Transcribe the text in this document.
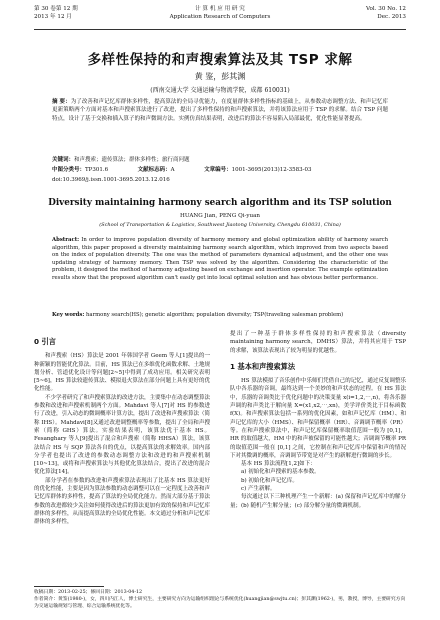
第 30 卷第 12 期
2013 年 12 月
计 算 机 应 用 研 究
Application Research of Computers
Vol. 30 No. 12
Dec. 2013
多样性保持的和声搜索算法及其 TSP 求解
黄 鉴，彭其渊
(西南交通大学 交通运输与物流学院，成都 610031)
摘 要：为了改善和声记忆库群体多样性，提高算法的全局寻优能力，在度量群体多样性指标的基础上，从参数动态调整方法、和声记忆库更新策略两个方面对基本和声搜索算法进行了改进，提出了多样性保持的和声搜索算法，并将该算法应用于 TSP 的求解。结合 TSP 问题特点，设计了基于交换和插入算子的和声微调方法。实例仿真结果表明，改进后的算法不容易陷入局部最优，优化性能显著提高。
关键词：和声搜索；遗传算法；群体多样性；旅行商问题
中图分类号：TP301.6	文献标志码：A	文章编号：1001-3695(2013)12-3583-03
doi:10.3969/j.issn.1001-3695.2013.12.016
Diversity maintaining harmony search algorithm and its TSP solution
HUANG Jian, PENG Qi-yuan
(School of Transportation & Logistics, Southwest Jiaotong University, Chengdu 610031, China)
Abstract: In order to improve population diversity of harmony memory and global optimization ability of harmony search algorithm, this paper proposed a diversity maintaining harmony search algorithm, which improved from two aspects based on the index of population diversity. The one was the method of parameters dynamical adjustment, and the other one was updating strategy of harmony memory. Then TSP was solved by the algorithm. Considering the characteristic of the problem, it designed the method of harmony adjusting based on exchange and insertion operator. The example optimization results show that the proposed algorithm can't easily get into local optimal solution and has obvious better performance.
Key words: harmony search(HS); genetic algorithm; population diversity; TSP(traveling salesman problem)
0 引言

和声搜索（HS）算法是 2001 年韩国学者 Geem 等人[1]提出的一种新颖的智能优化算法。目前，HS 算法已在多维优化函数求解、土地规划分析、管道优化设计等问题[2~5]中得到了成功应用。相关研究表明[5~6]，HS 算法较遗传算法、模拟退火算法在部分问题上具有更好的优化性能。

不少学者研究了和声搜索算法的改进方法，主要集中在动态调整算法参数和改进和声搜索机制两个方面。Mahdavi 等人[7]对 HS 的参数进行了改进，引入动态的微调概率计算方法，提出了改进和声搜索算法（简称 IHS）。Mahdavi[8]又通过改进调整概率等参数，提出了全局和声搜索（简称 GHS）算法。实验结果表明，该算法优于基本 HS。Fesanghary 等人[9]提出了混合和声搜索（简称 HHSA）算法，该算法结合 HS 与 SQP 算法各自的优点，以提高算法的求解效率。国内部分学者也提出了改进的参数动态调整方法和改进的和声搜索机制[10~13]，或将和声搜索算法与其他优化算法结合，提出了改进的混合优化算法[14]。

部分学者在参数的改进和声搜索算法表现出了比基本 HS 算法更好的优化性能，主要是因为算法参数的动态调整可以在一定程度上改善和声记忆库群体的多样性，提高了算法的全局优化能力。然而大部分基于算法参数的改进都较少关注如何使得改进后的算法更加有效的保持和声记忆库群体的多样性，从而提高算法的全局优化性能。本文通过分析和声记忆库群体的多样性，

提出了一种基于群体多样性保持的和声搜索算法（diversity maintaining harmony search，DMHS）算法，并将其应用于 TSP 的求解，该算法表现出了较为明显的优越性。

1 基本和声搜索算法

HS 算法模拟了音乐创作中乐师们凭借自己的记忆，通过反复调整乐队中各乐器的音调，最终达到一个美妙的和声状态的过程。在 HS 算法中，乐器的音调类比于优化问题中的决策变量 x(i=1,2,⋯,n)，将各乐器声调的和声类比于解向量 X=(x1,x2,⋯,xn)，美学评价类比于目标函数 f(X)。和声搜索算法包括一系列的优化因素，如和声记忆库（HM）、和声记忆库的大小（HMS）、和声保留概率（HR）、音调调节概率（PR）等。在和声搜索算法中，和声记忆库保留概率取值范围一般为 [0,1]，HR 的取值越大，HM 中的和声被保留的可能性越大；音调调节概率 PR 的取值范围一般在 [0,1] 之间，它控制在和声记忆库中保留和声的情况下对其微调的概率，音调调节带宽是对产生的新解进行微调的步长。

基本 HS 算法流程[1,2]如下：

a) 初始化和声搜索的基本参数。

b) 初始化和声记忆库。

c) 产生新解。

每次通过以下三种机理产生一个新解：(a) 保留和声记忆库中的解分量；(b) 随机产生解分量；(c) 部分解分量的微调机制。

收稿日期：2013-02-25；修回日期：2013-04-12
作者简介：黄鉴(1980-)，女，四川内江人，博士研究生，主要研究方向为运输组织理论与系统优化(huangjian@swjtu.cn)；彭其渊(1962-)，男，教授，博导，主要研究方向为交通运输规划与管理、综合运输系统优化等。
